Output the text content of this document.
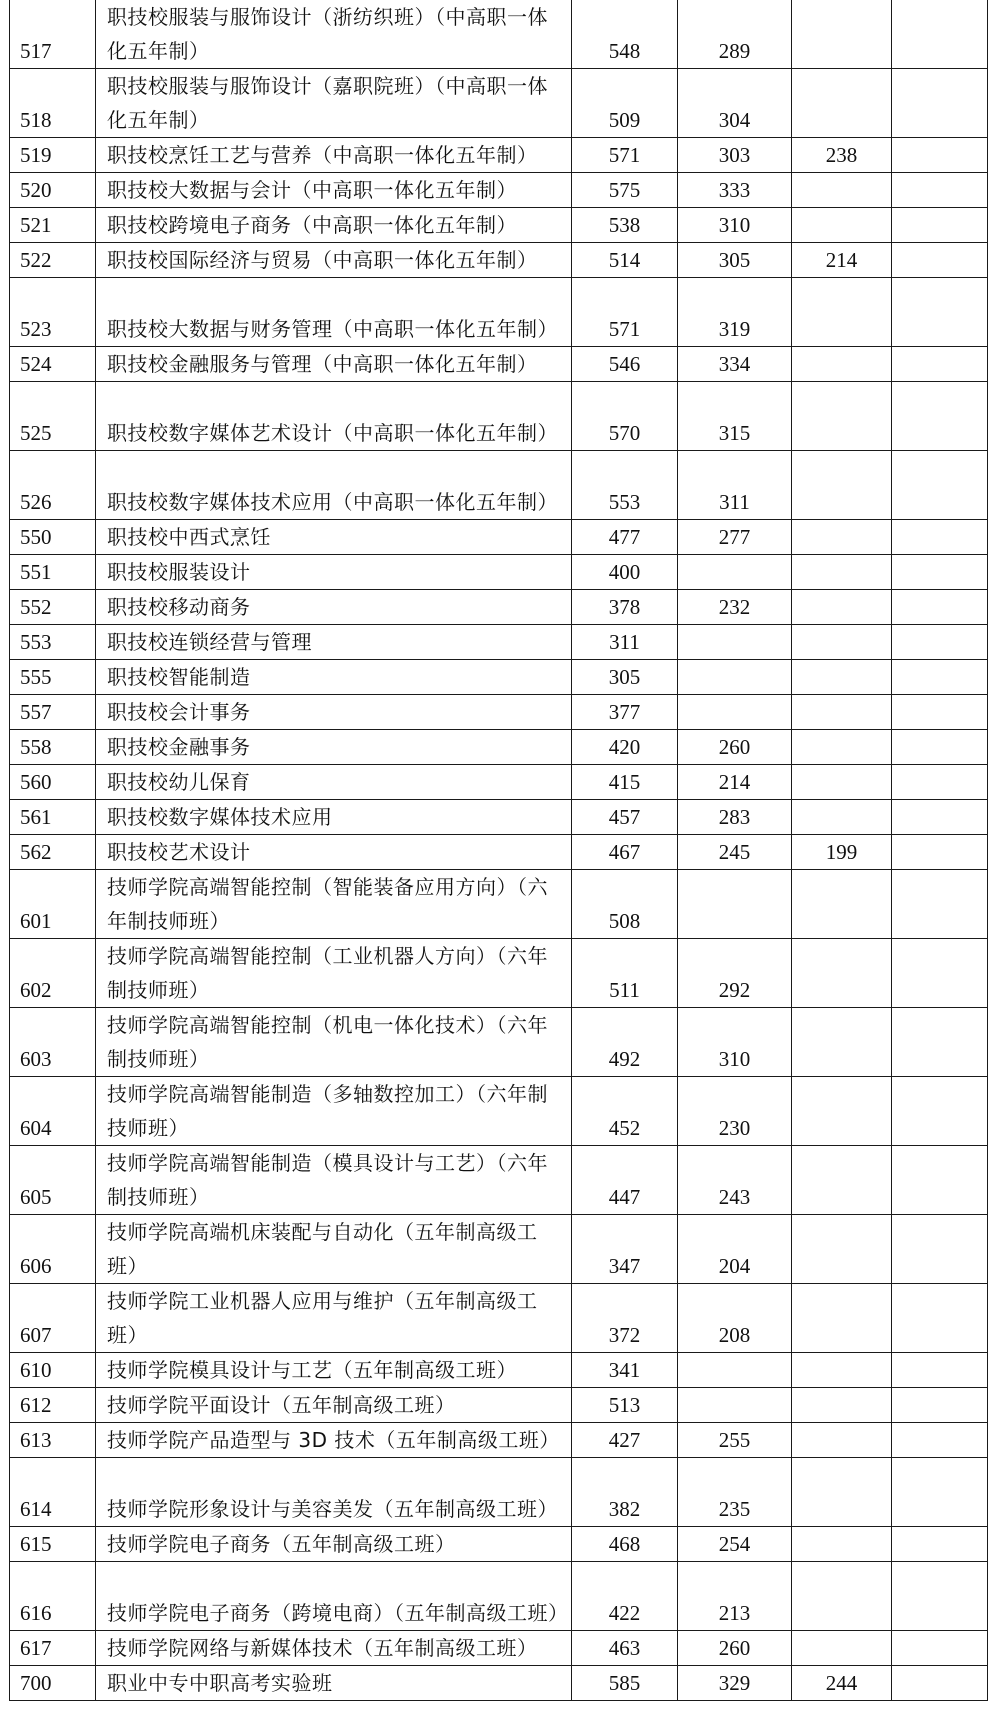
517	职技校服装与服饰设计（浙纺织班）（中高职一体化五年制）	548	289		
518	职技校服装与服饰设计（嘉职院班）（中高职一体化五年制）	509	304		
519	职技校烹饪工艺与营养（中高职一体化五年制）	571	303	238	
520	职技校大数据与会计（中高职一体化五年制）	575	333		
521	职技校跨境电子商务（中高职一体化五年制）	538	310		
522	职技校国际经济与贸易（中高职一体化五年制）	514	305	214	
523	职技校大数据与财务管理（中高职一体化五年制）	571	319		
524	职技校金融服务与管理（中高职一体化五年制）	546	334		
525	职技校数字媒体艺术设计（中高职一体化五年制）	570	315		
526	职技校数字媒体技术应用（中高职一体化五年制）	553	311		
550	职技校中西式烹饪	477	277		
551	职技校服装设计	400			
552	职技校移动商务	378	232		
553	职技校连锁经营与管理	311			
555	职技校智能制造	305			
557	职技校会计事务	377			
558	职技校金融事务	420	260		
560	职技校幼儿保育	415	214		
561	职技校数字媒体技术应用	457	283		
562	职技校艺术设计	467	245	199	
601	技师学院高端智能控制（智能装备应用方向）（六年制技师班）	508			
602	技师学院高端智能控制（工业机器人方向）（六年制技师班）	511	292		
603	技师学院高端智能控制（机电一体化技术）（六年制技师班）	492	310		
604	技师学院高端智能制造（多轴数控加工）（六年制技师班）	452	230		
605	技师学院高端智能制造（模具设计与工艺）（六年制技师班）	447	243		
606	技师学院高端机床装配与自动化（五年制高级工班）	347	204		
607	技师学院工业机器人应用与维护（五年制高级工班）	372	208		
610	技师学院模具设计与工艺（五年制高级工班）	341			
612	技师学院平面设计（五年制高级工班）	513			
613	技师学院产品造型与 3D 技术（五年制高级工班）	427	255		
614	技师学院形象设计与美容美发（五年制高级工班）	382	235		
615	技师学院电子商务（五年制高级工班）	468	254		
616	技师学院电子商务（跨境电商）（五年制高级工班）	422	213		
617	技师学院网络与新媒体技术（五年制高级工班）	463	260		
700	职业中专中职高考实验班	585	329	244	
